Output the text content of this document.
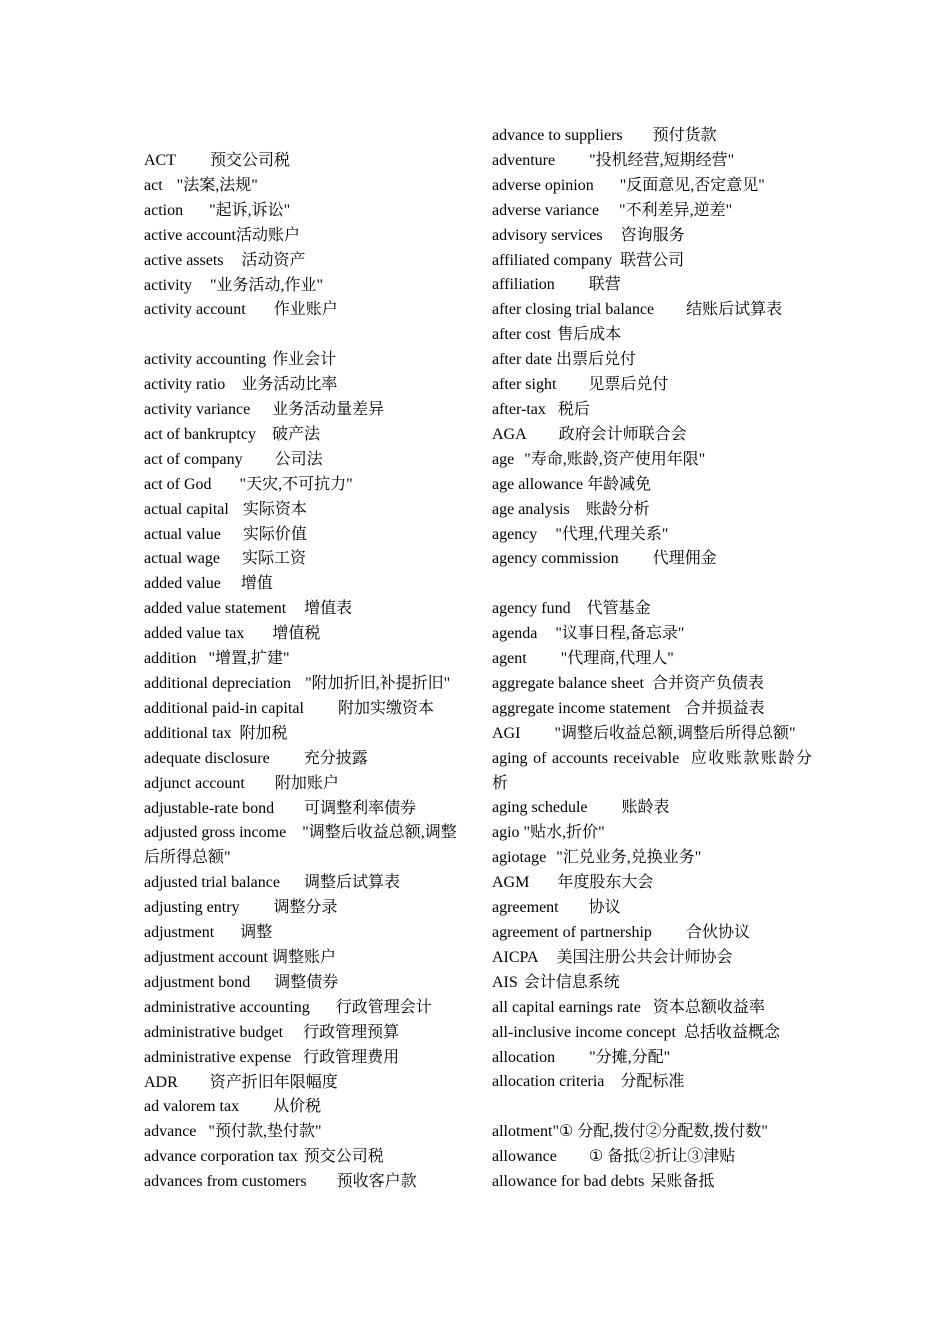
ACT 预交公司税
act "法案,法规"
action "起诉,诉讼"
active account活动账户
active assets 活动资产
activity "业务活动,作业"
activity account 作业账户
activity accounting 作业会计
activity ratio 业务活动比率
activity variance 业务活动量差异
act of bankruptcy 破产法
act of company 公司法
act of God "天灾,不可抗力"
actual capital 实际资本
actual value 实际价值
actual wage 实际工资
added value 增值
added value statement 增值表
added value tax 增值税
addition "增置,扩建"
additional depreciation "附加折旧,补提折旧"
additional paid-in capital 附加实缴资本
additional tax 附加税
adequate disclosure 充分披露
adjunct account 附加账户
adjustable-rate bond 可调整利率债券
adjusted gross income "调整后收益总额,调整后所得总额"
adjusted trial balance 调整后试算表
adjusting entry 调整分录
adjustment 调整
adjustment account 调整账户
adjustment bond 调整债券
administrative accounting 行政管理会计
administrative budget 行政管理预算
administrative expense 行政管理费用
ADR 资产折旧年限幅度
ad valorem tax 从价税
advance "预付款,垫付款"
advance corporation tax 预交公司税
advances from customers 预收客户款
advance to suppliers 预付货款
adventure "投机经营,短期经营"
adverse opinion "反面意见,否定意见"
adverse variance "不利差异,逆差"
advisory services 咨询服务
affiliated company 联营公司
affiliation 联营
after closing trial balance 结账后试算表
after cost 售后成本
after date 出票后兑付
after sight 见票后兑付
after-tax 税后
AGA 政府会计师联合会
age "寿命,账龄,资产使用年限"
age allowance 年龄减免
age analysis 账龄分析
agency "代理,代理关系"
agency commission 代理佣金
agency fund 代管基金
agenda "议事日程,备忘录"
agent "代理商,代理人"
aggregate balance sheet 合并资产负债表
aggregate income statement 合并损益表
AGI "调整后收益总额,调整后所得总额"
aging of accounts receivable 应收账款账龄分析
aging schedule 账龄表
agio "贴水,折价"
agiotage "汇兑业务,兑换业务"
AGM 年度股东大会
agreement 协议
agreement of partnership 合伙协议
AICPA 美国注册公共会计师协会
AIS 会计信息系统
all capital earnings rate 资本总额收益率
all-inclusive income concept 总括收益概念
allocation "分摊,分配"
allocation criteria 分配标准
allotment"① 分配,拨付②分配数,拨付数"
allowance ① 备抵②折让③津贴
allowance for bad debts 呆账备抵
